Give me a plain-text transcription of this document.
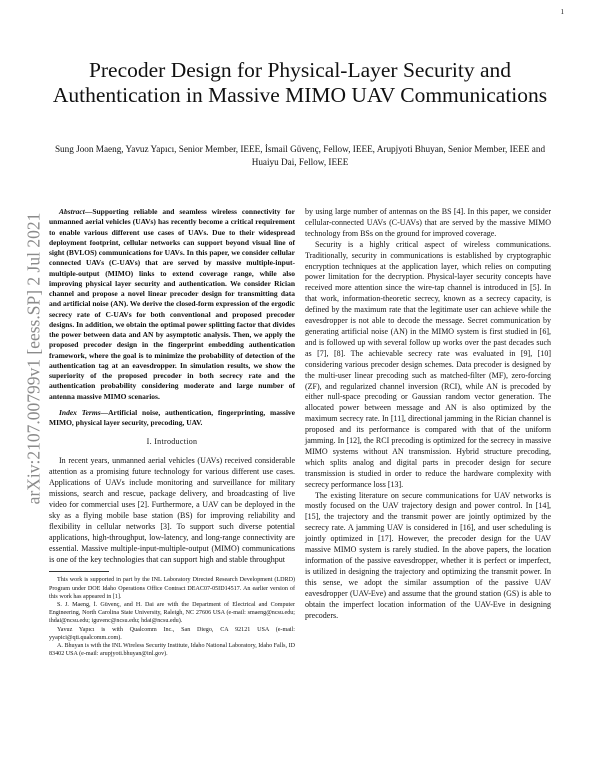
1
arXiv:2107.00799v1 [eess.SP] 2 Jul 2021
Precoder Design for Physical-Layer Security and Authentication in Massive MIMO UAV Communications
Sung Joon Maeng, Yavuz Yapıcı, Senior Member, IEEE, İsmail Güvenç, Fellow, IEEE, Arupjyoti Bhuyan, Senior Member, IEEE and Huaiyu Dai, Fellow, IEEE

Abstract—Supporting reliable and seamless wireless connectivity for unmanned aerial vehicles (UAVs) has recently become a critical requirement to enable various different use cases of UAVs. Due to their widespread deployment footprint, cellular networks can support beyond visual line of sight (BVLOS) communications for UAVs. In this paper, we consider cellular connected UAVs (C-UAVs) that are served by massive multiple-input-multiple-output (MIMO) links to extend coverage range, while also improving physical layer security and authentication. We consider Rician channel and propose a novel linear precoder design for transmitting data and artificial noise (AN). We derive the closed-form expression of the ergodic secrecy rate of C-UAVs for both conventional and proposed precoder designs. In addition, we obtain the optimal power splitting factor that divides the power between data and AN by asymptotic analysis. Then, we apply the proposed precoder design in the fingerprint embedding authentication framework, where the goal is to minimize the probability of detection of the authentication tag at an eavesdropper. In simulation results, we show the superiority of the proposed precoder in both secrecy rate and the authentication probability considering moderate and large number of antenna massive MIMO scenarios.

Index Terms—Artificial noise, authentication, fingerprinting, massive MIMO, physical layer security, precoding, UAV.

I. Introduction

In recent years, unmanned aerial vehicles (UAVs) received considerable attention as a promising future technology for various different use cases. Applications of UAVs include monitoring and surveillance for military missions, search and rescue, package delivery, and broadcasting of live video for commercial uses [2]. Furthermore, a UAV can be deployed in the sky as a flying mobile base station (BS) for improving reliability and flexibility in cellular networks [3]. To support such diverse potential applications, high-throughput, low-latency, and long-range connectivity are essential. Massive multiple-input-multiple-output (MIMO) communications is one of the key technologies that can support high and stable throughput

This work is supported in part by the INL Laboratory Directed Research Development (LDRD) Program under DOE Idaho Operations Office Contract DEAC07-05ID14517. An earlier version of this work has appeared in [1].

S. J. Maeng, İ. Güvenç, and H. Dai are with the Department of Electrical and Computer Engineering, North Carolina State University, Raleigh, NC 27606 USA (e-mail: smaeng@ncsu.edu; ihdai@ncsu.edu; iguvenc@ncsu.edu; hdai@ncsu.edu).

Yavuz Yapıcı is with Qualcomm Inc., San Diego, CA 92121 USA (e-mail: yyapici@qti.qualcomm.com).

A. Bhuyan is with the INL Wireless Security Institute, Idaho National Laboratory, Idaho Falls, ID 83402 USA (e-mail: arupjyoti.bhuyan@inl.gov).

by using large number of antennas on the BS [4]. In this paper, we consider cellular-connected UAVs (C-UAVs) that are served by the massive MIMO technology from BSs on the ground for improved coverage.

Security is a highly critical aspect of wireless communications. Traditionally, security in communications is established by cryptographic encryption techniques at the application layer, which relies on computing power limitation for the decryption. Physical-layer security concepts have received more attention since the wire-tap channel is introduced in [5]. In that work, information-theoretic secrecy, known as a secrecy capacity, is defined by the maximum rate that the legitimate user can achieve while the eavesdropper is not able to decode the message. Secret communication by generating artificial noise (AN) in the MIMO system is first studied in [6], and is followed up with several follow up works over the past decades such as [7], [8]. The achievable secrecy rate was evaluated in [9], [10] considering various precoder design schemes. Data precoder is designed by the multi-user linear precoding such as matched-filter (MF), zero-forcing (ZF), and regularized channel inversion (RCI), while AN is precoded by either null-space precoding or Gaussian random vector generation. The allocated power between message and AN is also optimized by the maximum secrecy rate. In [11], directional jamming in the Rician channel is proposed and its performance is compared with that of the uniform jamming. In [12], the RCI precoding is optimized for the secrecy in massive MIMO systems without AN transmission. Hybrid structure precoding, which splits analog and digital parts in precoder design for secure transmission is studied in order to reduce the hardware complexity with secrecy performance loss [13].

The existing literature on secure communications for UAV networks is mostly focused on the UAV trajectory design and power control. In [14], [15], the trajectory and the transmit power are jointly optimized by the secrecy rate. A jamming UAV is considered in [16], and user scheduling is jointly optimized in [17]. However, the precoder design for the UAV massive MIMO system is rarely studied. In the above papers, the location information of the passive eavesdropper, whether it is perfect or imperfect, is utilized in designing the trajectory and optimizing the transmit power. In this sense, we adopt the similar assumption of the passive UAV eavesdropper (UAV-Eve) and assume that the ground station (GS) is able to obtain the imperfect location information of the UAV-Eve in designing precoders.
